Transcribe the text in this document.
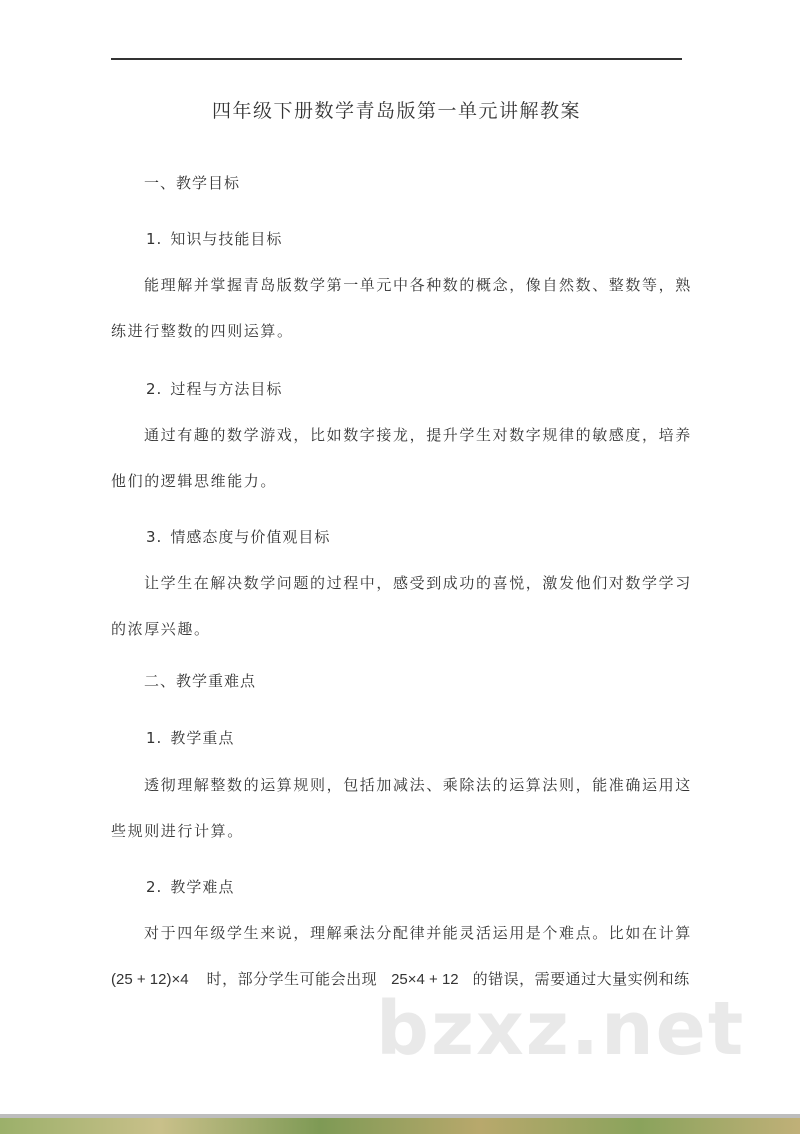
四年级下册数学青岛版第一单元讲解教案
一、教学目标
1. 知识与技能目标
能理解并掌握青岛版数学第一单元中各种数的概念，像自然数、整数等，熟
练进行整数的四则运算。
2. 过程与方法目标
通过有趣的数学游戏，比如数字接龙，提升学生对数字规律的敏感度，培养
他们的逻辑思维能力。
3. 情感态度与价值观目标
让学生在解决数学问题的过程中，感受到成功的喜悦，激发他们对数学学习
的浓厚兴趣。
二、教学重难点
1. 教学重点
透彻理解整数的运算规则，包括加减法、乘除法的运算法则，能准确运用这
些规则进行计算。
2. 教学难点
对于四年级学生来说，理解乘法分配律并能灵活运用是个难点。比如在计算
(25 + 12)×4 时，部分学生可能会出现 25×4 + 12 的错误，需要通过大量实例和练
bzxz.net
